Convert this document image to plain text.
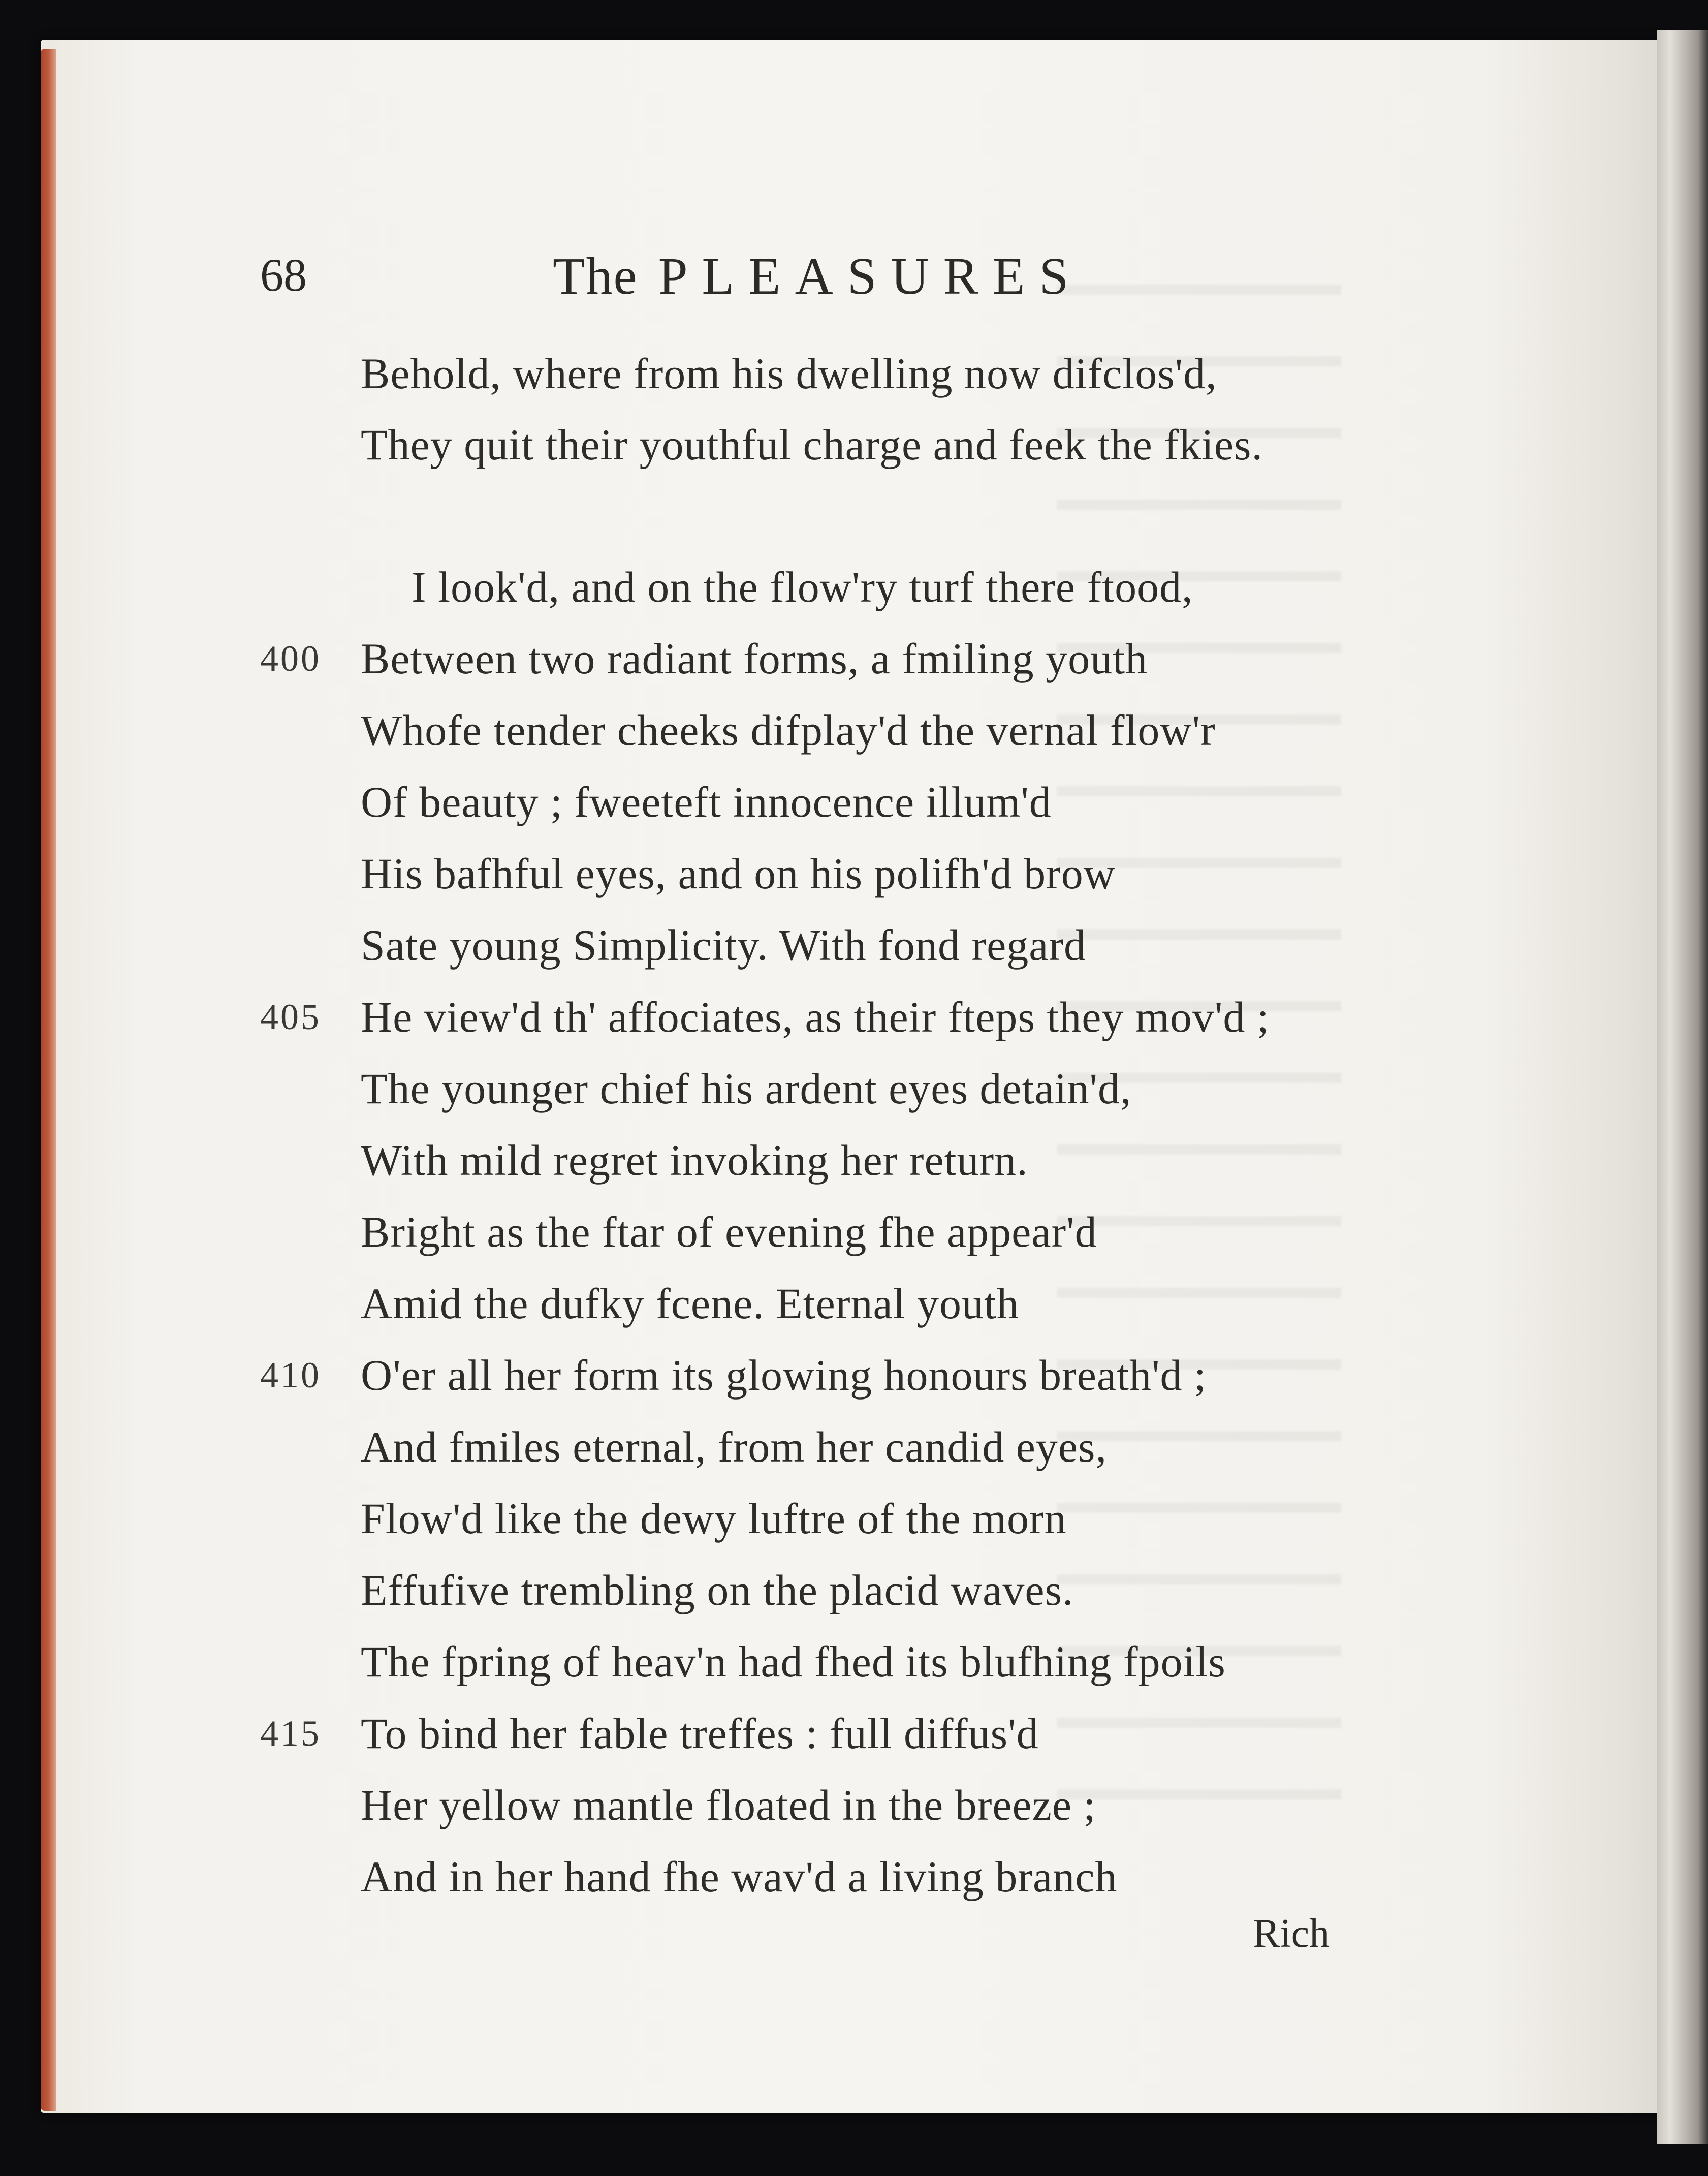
68	The PLEASURES
Behold, where from his dwelling now difclos'd,
They quit their youthful charge and feek the fkies.
I look'd, and on the flow'ry turf there ftood,
400 Between two radiant forms, a fmiling youth
Whofe tender cheeks difplay'd the vernal flow'r
Of beauty ; fweeteft innocence illum'd
His bafhful eyes, and on his polifh'd brow
Sate young Simplicity. With fond regard
405 He view'd th' affociates, as their fteps they mov'd ;
The younger chief his ardent eyes detain'd,
With mild regret invoking her return.
Bright as the ftar of evening fhe appear'd
Amid the dufky fcene. Eternal youth
410 O'er all her form its glowing honours breath'd ;
And fmiles eternal, from her candid eyes,
Flow'd like the dewy luftre of the morn
Effufive trembling on the placid waves.
The fpring of heav'n had fhed its blufhing fpoils
415 To bind her fable treffes : full diffus'd
Her yellow mantle floated in the breeze ;
And in her hand fhe wav'd a living branch
Rich
